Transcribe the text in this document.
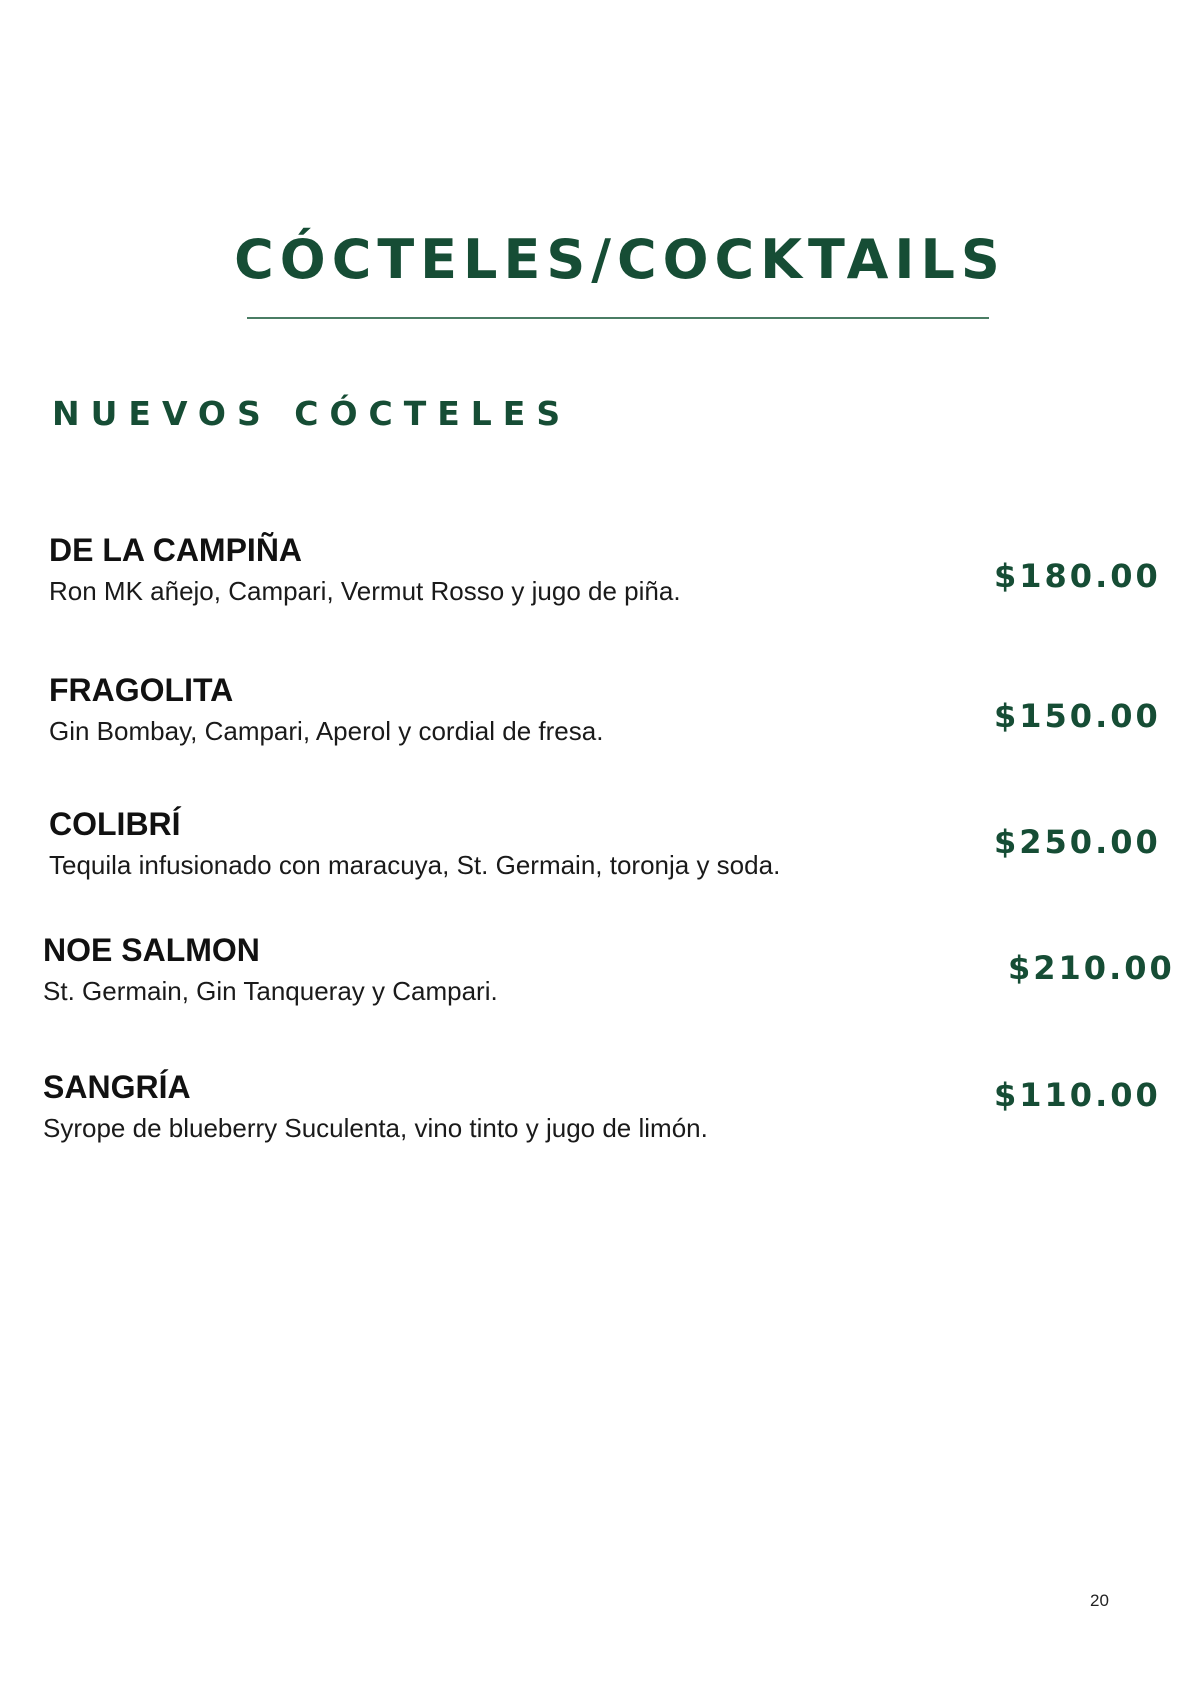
CÓCTELES/COCKTAILS
NUEVOS CÓCTELES
DE LA CAMPIÑA
Ron MK añejo, Campari, Vermut Rosso y jugo de piña.	$180.00
FRAGOLITA
Gin Bombay, Campari, Aperol y cordial de fresa.	$150.00
COLIBRÍ
Tequila infusionado con maracuya, St. Germain, toronja y soda.
$250.00
NOE SALMON
St. Germain, Gin Tanqueray y Campari.
$210.00
SANGRÍA
Syrope de blueberry Suculenta, vino tinto y jugo de limón.
$110.00
20
